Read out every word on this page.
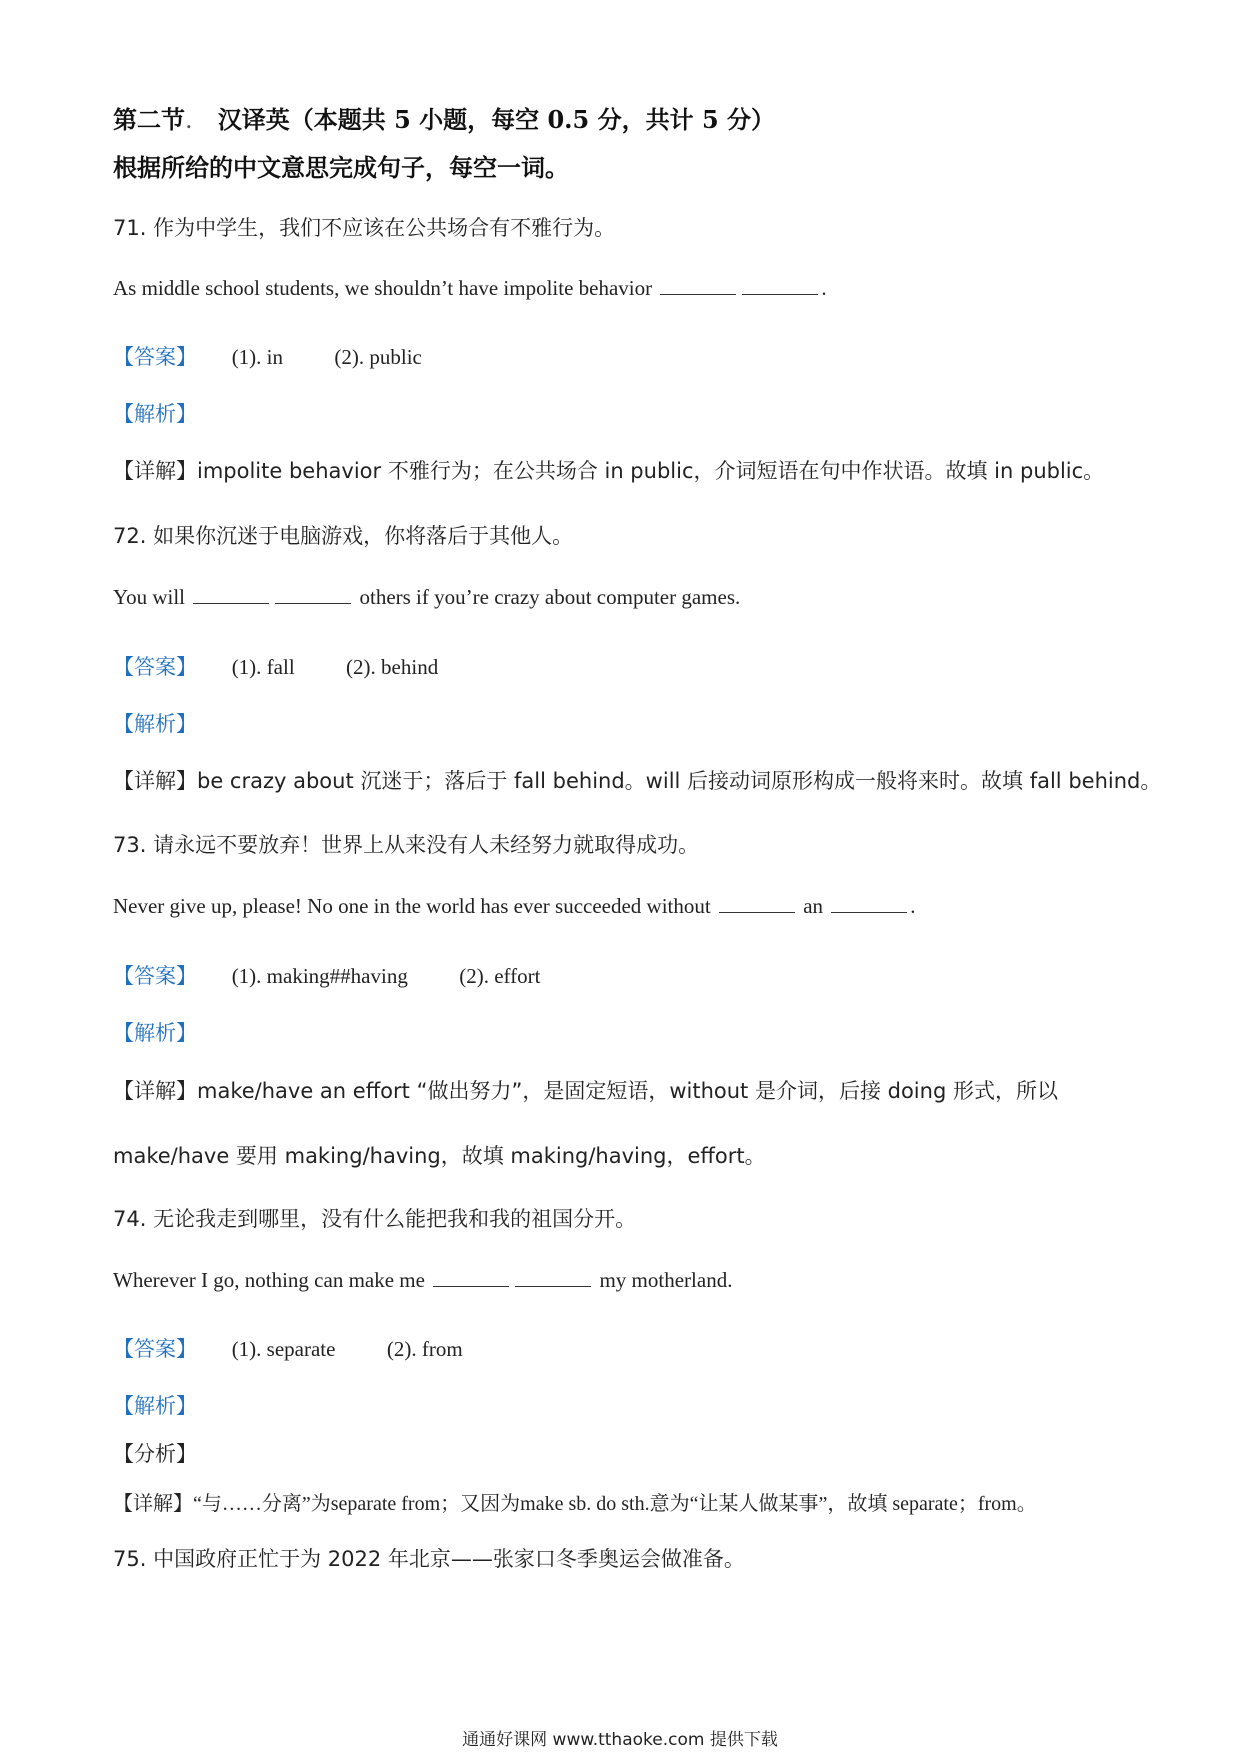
第二节. 汉译英（本题共 5 小题，每空 0.5 分，共计 5 分）
根据所给的中文意思完成句子，每空一词。
71. 作为中学生，我们不应该在公共场合有不雅行为。
As middle school students, we shouldn’t have impolite behavior	.
【答案】 (1). in (2). public
【解析】
【详解】impolite behavior 不雅行为；在公共场合 in public，介词短语在句中作状语。故填 in public。
72. 如果你沉迷于电脑游戏，你将落后于其他人。
You will	others if you’re crazy about computer games.
【答案】 (1). fall (2). behind
【解析】
【详解】be crazy about 沉迷于；落后于 fall behind。will 后接动词原形构成一般将来时。故填 fall behind。
73. 请永远不要放弃！世界上从来没有人未经努力就取得成功。
Never give up, please! No one in the world has ever succeeded without	an	.
【答案】 (1). making##having (2). effort
【解析】
【详解】make/have an effort “做出努力”，是固定短语，without 是介词，后接 doing 形式，所以
make/have 要用 making/having，故填 making/having，effort。
74. 无论我走到哪里，没有什么能把我和我的祖国分开。
Wherever I go, nothing can make me	my motherland.
【答案】 (1). separate (2). from
【解析】
【分析】
【详解】“与……分离”为separate from；又因为make sb. do sth.意为“让某人做某事”，故填 separate；from。
75. 中国政府正忙于为 2022 年北京——张家口冬季奥运会做准备。
通通好课网 www.tthaoke.com 提供下载
